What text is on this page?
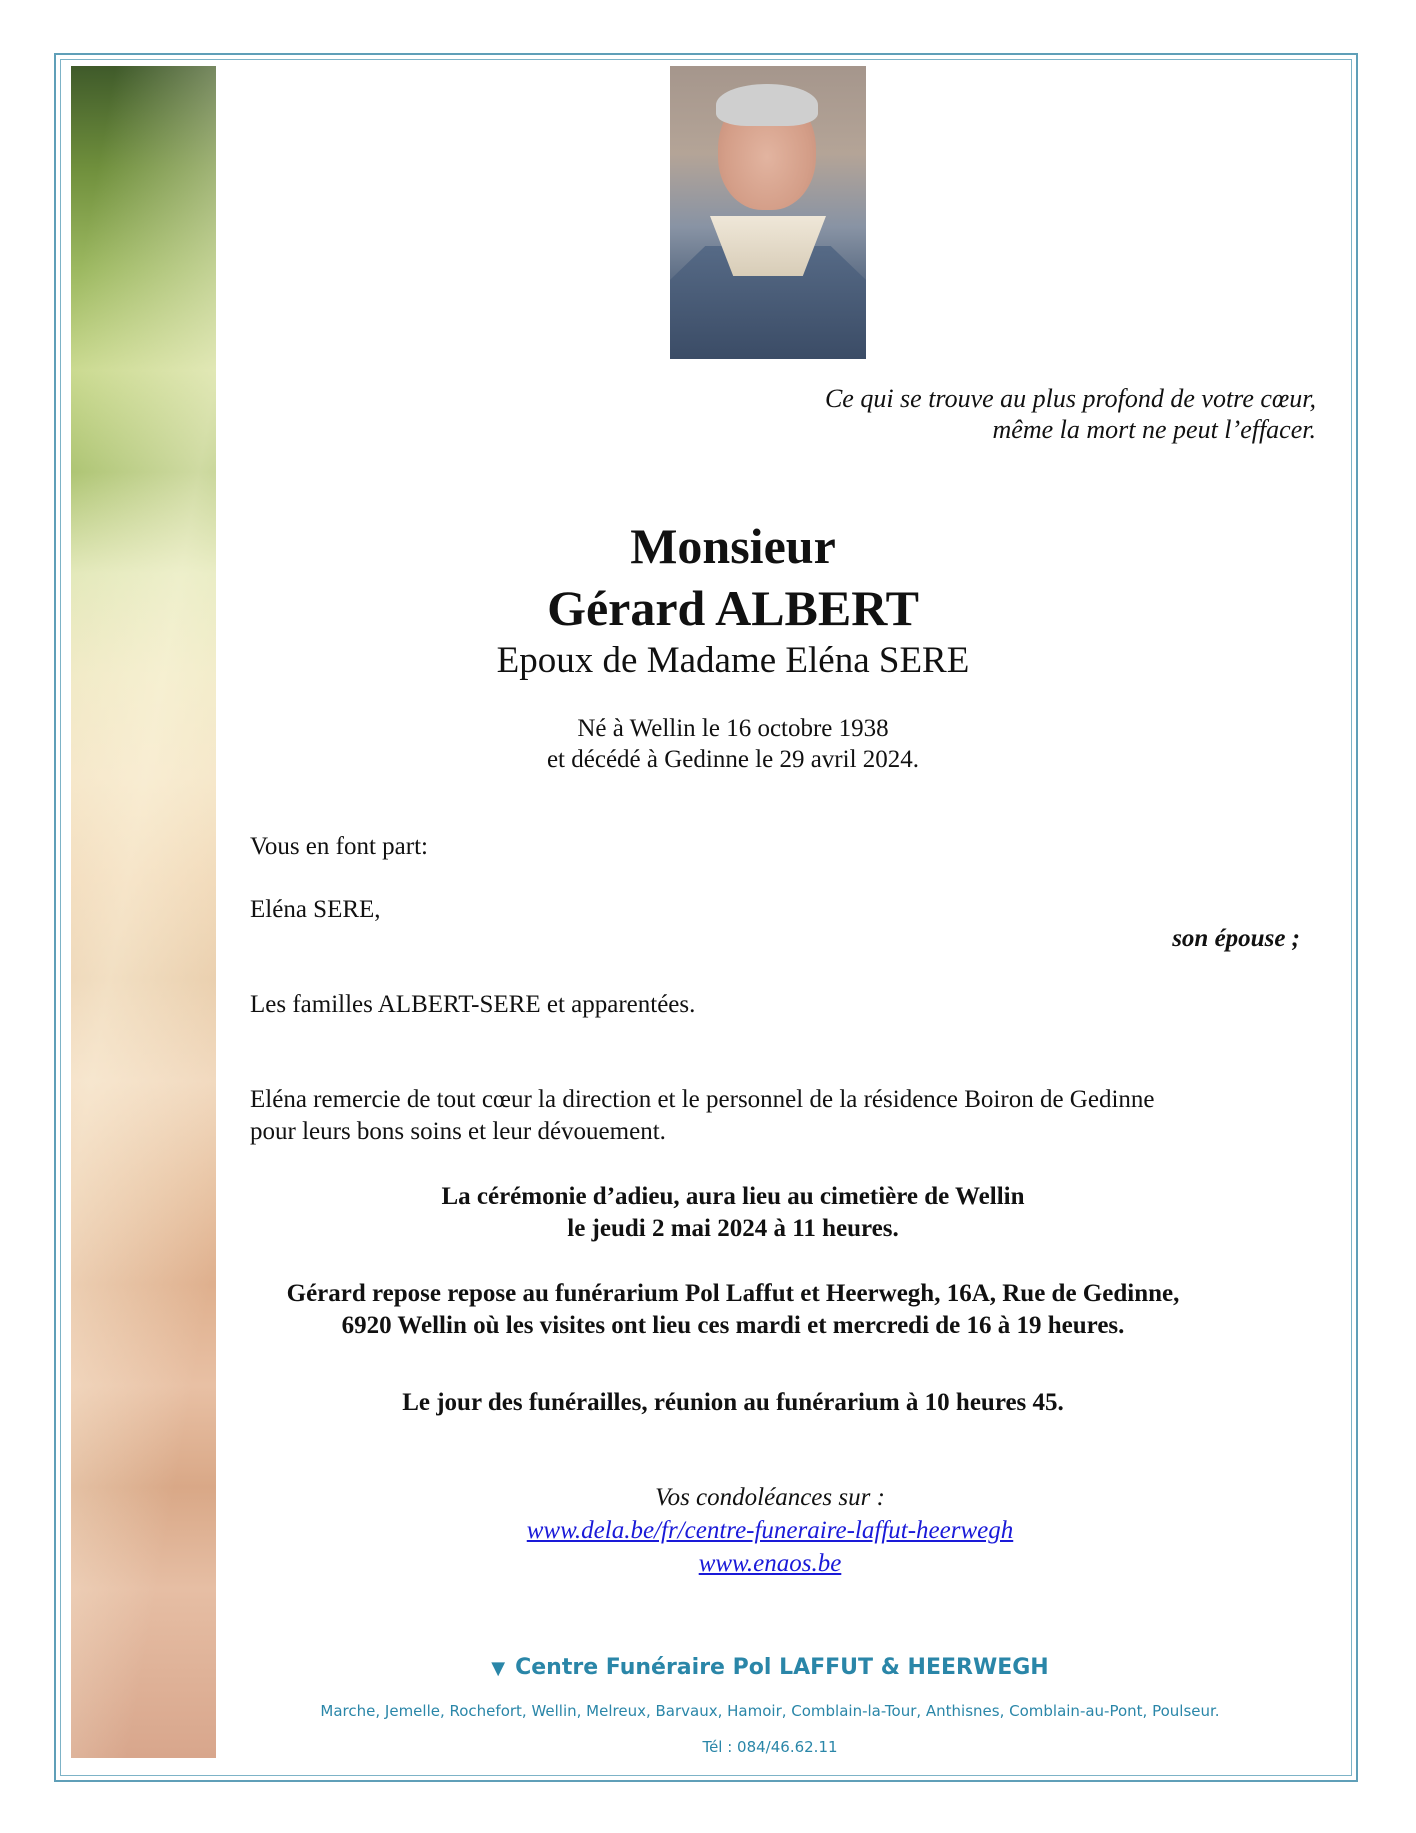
Ce qui se trouve au plus profond de votre cœur,
même la mort ne peut l’effacer.
Monsieur
Gérard ALBERT
Epoux de Madame Eléna SERE
Né à Wellin le 16 octobre 1938
et décédé à Gedinne le 29 avril 2024.
Vous en font part:
Eléna SERE,
son épouse ;
Les familles ALBERT-SERE et apparentées.
Eléna remercie de tout cœur la direction et le personnel de la résidence Boiron de Gedinne
pour leurs bons soins et leur dévouement.
La cérémonie d’adieu, aura lieu au cimetière de Wellin
le jeudi 2 mai 2024 à 11 heures.
Gérard repose repose au funérarium Pol Laffut et Heerwegh, 16A, Rue de Gedinne,
6920 Wellin où les visites ont lieu ces mardi et mercredi de 16 à 19 heures.
Le jour des funérailles, réunion au funérarium à 10 heures 45.
Vos condoléances sur :
www.dela.be/fr/centre-funeraire-laffut-heerwegh
www.enaos.be
▼ Centre Funéraire Pol LAFFUT & HEERWEGH
Marche, Jemelle, Rochefort, Wellin, Melreux, Barvaux, Hamoir, Comblain-la-Tour, Anthisnes, Comblain-au-Pont, Poulseur.
Tél : 084/46.62.11
